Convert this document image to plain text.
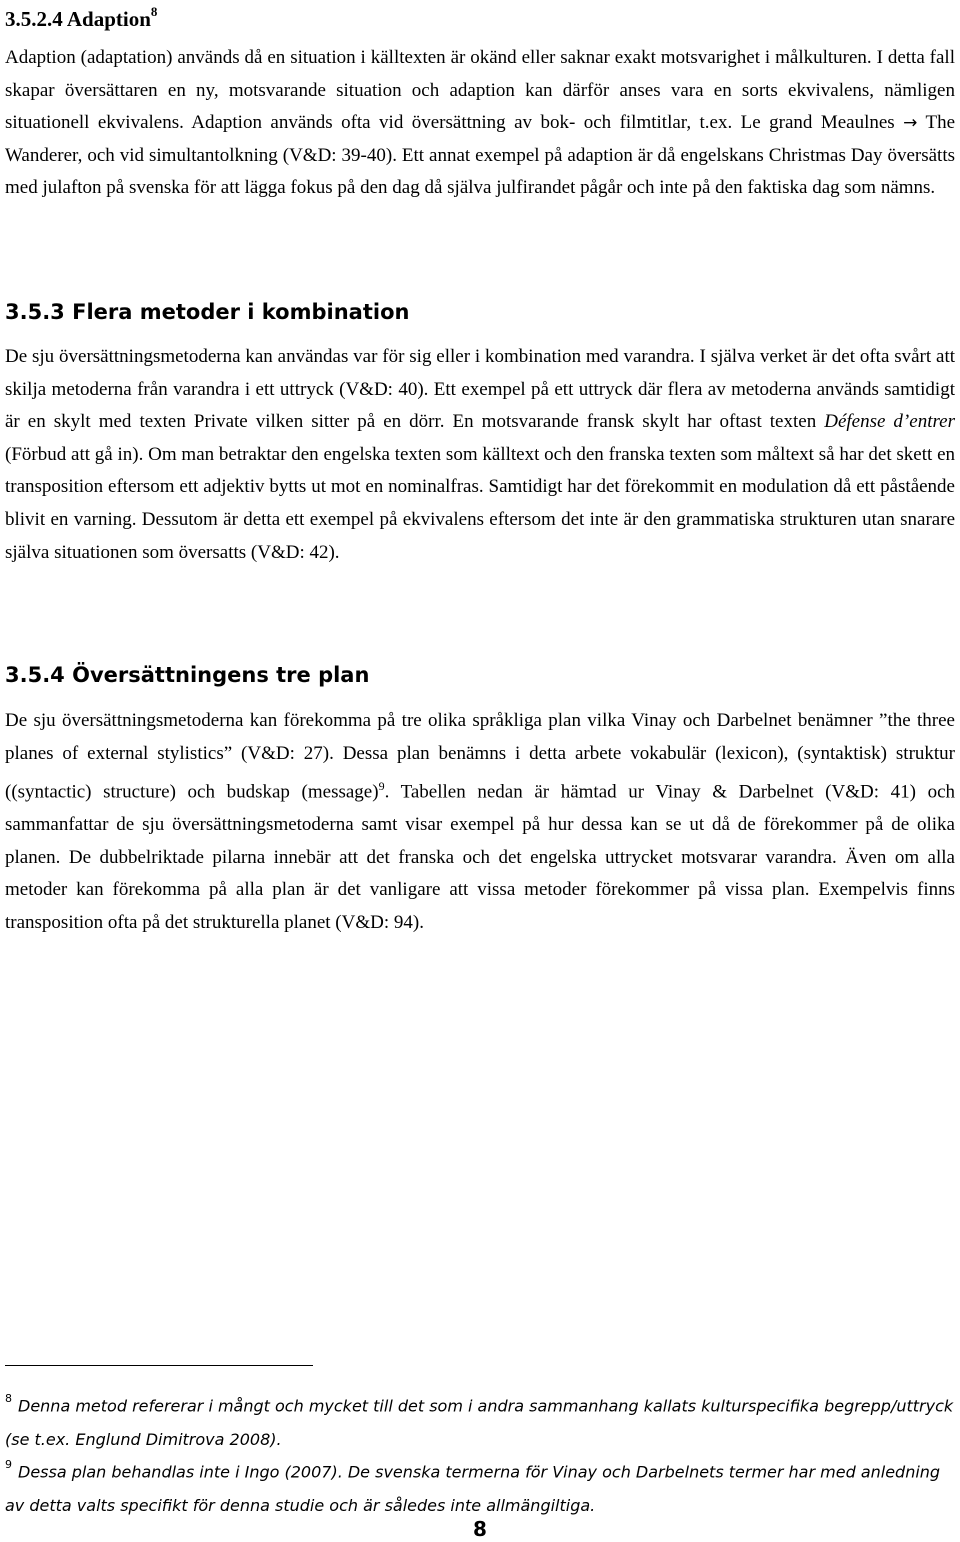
3.5.2.4 Adaption$^8$

Adaption (adaptation) används då en situation i källtexten är okänd eller saknar exakt motsvarighet i målkulturen. I detta fall skapar översättaren en ny, motsvarande situation och adaption kan därför anses vara en sorts ekvivalens, nämligen situationell ekvivalens. Adaption används ofta vid översättning av bok- och filmtitlar, t.ex. Le grand Meaulnes → The Wanderer, och vid simultantolkning (V&D: 39-40). Ett annat exempel på adaption är då engelskans Christmas Day översätts med julafton på svenska för att lägga fokus på den dag då själva julfirandet pågår och inte på den faktiska dag som nämns.

3.5.3 Flera metoder i kombination

De sju översättningsmetoderna kan användas var för sig eller i kombination med varandra. I själva verket är det ofta svårt att skilja metoderna från varandra i ett uttryck (V&D: 40). Ett exempel på ett uttryck där flera av metoderna används samtidigt är en skylt med texten Private vilken sitter på en dörr. En motsvarande fransk skylt har oftast texten Défense d’entrer (Förbud att gå in). Om man betraktar den engelska texten som källtext och den franska texten som måltext så har det skett en transposition eftersom ett adjektiv bytts ut mot en nominalfras. Samtidigt har det förekommit en modulation då ett påstående blivit en varning. Dessutom är detta ett exempel på ekvivalens eftersom det inte är den grammatiska strukturen utan snarare själva situationen som översatts (V&D: 42).

3.5.4 Översättningens tre plan

De sju översättningsmetoderna kan förekomma på tre olika språkliga plan vilka Vinay och Darbelnet benämner ”the three planes of external stylistics” (V&D: 27). Dessa plan benämns i detta arbete vokabulär (lexicon), (syntaktisk) struktur ((syntactic) structure) och budskap (message)$^9$. Tabellen nedan är hämtad ur Vinay & Darbelnet (V&D: 41) och sammanfattar de sju översättningsmetoderna samt visar exempel på hur dessa kan se ut då de förekommer på de olika planen. De dubbelriktade pilarna innebär att det franska och det engelska uttrycket motsvarar varandra. Även om alla metoder kan förekomma på alla plan är det vanligare att vissa metoder förekommer på vissa plan. Exempelvis finns transposition ofta på det strukturella planet (V&D: 94).

$^8$ Denna metod refererar i mångt och mycket till det som i andra sammanhang kallats kulturspecifika begrepp/uttryck (se t.ex. Englund Dimitrova 2008).

$^9$ Dessa plan behandlas inte i Ingo (2007). De svenska termerna för Vinay och Darbelnets termer har med anledning av detta valts specifikt för denna studie och är således inte allmängiltiga.

8
